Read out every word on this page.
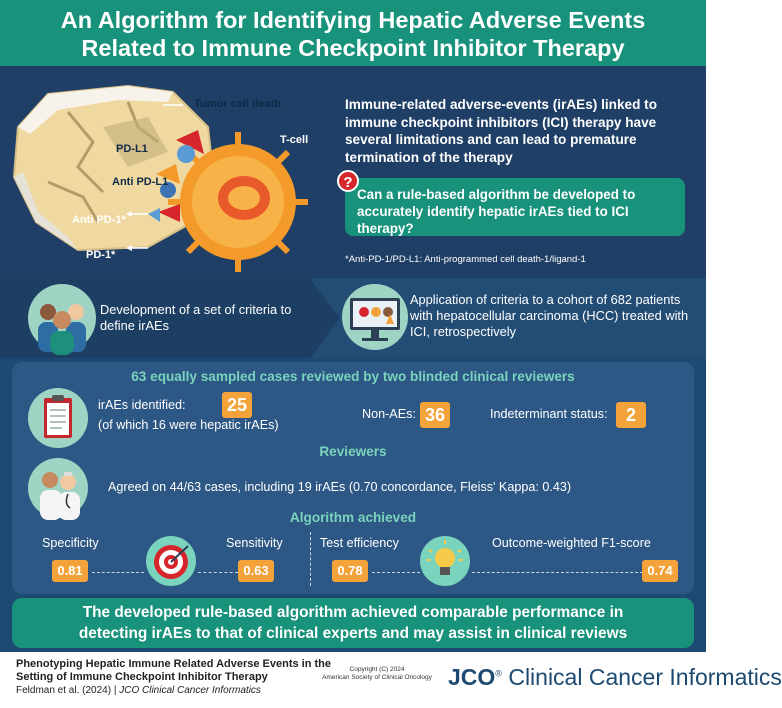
An Algorithm for Identifying Hepatic Adverse Events
Related to Immune Checkpoint Inhibitor Therapy
Tumor cell death
T-cell
PD-L1
Anti PD-L1
Anti PD-1*
PD-1*
Immune-related adverse-events (irAEs) linked to immune checkpoint inhibitors (ICI) therapy have several limitations and can lead to premature termination of the therapy
?
Can a rule-based algorithm be developed to accurately identify hepatic irAEs tied to ICI therapy?
*Anti-PD-1/PD-L1: Anti-programmed cell death-1/ligand-1
Development of a set of criteria to define irAEs
Application of criteria to a cohort of 682 patients with hepatocellular carcinoma (HCC) treated with ICI, retrospectively
63 equally sampled cases reviewed by two blinded clinical reviewers
irAEs identified: 25
(of which 16 were hepatic irAEs)
Non-AEs: 36	Indeterminant status:	2
Reviewers
Agreed on 44/63 cases, including 19 irAEs (0.70 concordance, Fleiss' Kappa: 0.43)
Algorithm achieved
Specificity
0.81
Sensitivity
0.63
Test efficiency
0.78
Outcome-weighted F1-score
0.74
The developed rule-based algorithm achieved comparable performance in
detecting irAEs to that of clinical experts and may assist in clinical reviews
Phenotyping Hepatic Immune Related Adverse Events in the
Setting of Immune Checkpoint Inhibitor Therapy
Feldman et al. (2024) | JCO Clinical Cancer Informatics
Copyright (C) 2024
American Society of Clinical Oncology JCO® Clinical Cancer Informatics
